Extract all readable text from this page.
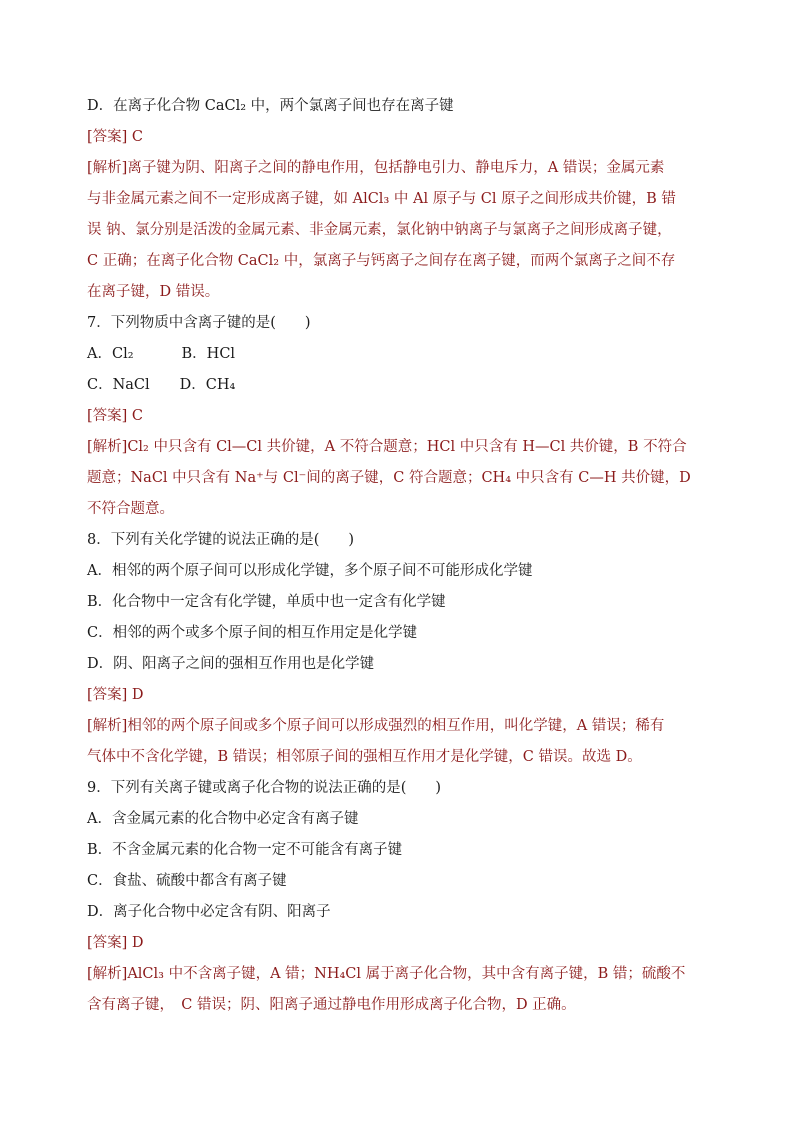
D．在离子化合物 CaCl₂ 中，两个氯离子间也存在离子键
[答案] C
[解析]离子键为阴、阳离子之间的静电作用，包括静电引力、静电斥力，A 错误；金属元素
与非金属元素之间不一定形成离子键，如 AlCl₃ 中 Al 原子与 Cl 原子之间形成共价键，B 错
误 钠、氯分别是活泼的金属元素、非金属元素，氯化钠中钠离子与氯离子之间形成离子键，
C 正确；在离子化合物 CaCl₂ 中，氯离子与钙离子之间存在离子键，而两个氯离子之间不存
在离子键，D 错误。
7．下列物质中含离子键的是(　　)
A．Cl₂	B．HCl
C．NaCl D．CH₄
[答案] C
[解析]Cl₂ 中只含有 Cl—Cl 共价键，A 不符合题意；HCl 中只含有 H—Cl 共价键，B 不符合
题意；NaCl 中只含有 Na⁺与 Cl⁻间的离子键，C 符合题意；CH₄ 中只含有 C—H 共价键，D
不符合题意。
8．下列有关化学键的说法正确的是(　　)
A．相邻的两个原子间可以形成化学键，多个原子间不可能形成化学键
B．化合物中一定含有化学键，单质中也一定含有化学键
C．相邻的两个或多个原子间的相互作用定是化学键
D．阴、阳离子之间的强相互作用也是化学键
[答案] D
[解析]相邻的两个原子间或多个原子间可以形成强烈的相互作用，叫化学键，A 错误；稀有
气体中不含化学键，B 错误；相邻原子间的强相互作用才是化学键，C 错误。故选 D。
9．下列有关离子键或离子化合物的说法正确的是(　　)
A．含金属元素的化合物中必定含有离子键
B．不含金属元素的化合物一定不可能含有离子键
C．食盐、硫酸中都含有离子键
D．离子化合物中必定含有阴、阳离子
[答案] D
[解析]AlCl₃ 中不含离子键，A 错；NH₄Cl 属于离子化合物，其中含有离子键，B 错；硫酸不
含有离子键，　C 错误；阴、阳离子通过静电作用形成离子化合物，D 正确。
